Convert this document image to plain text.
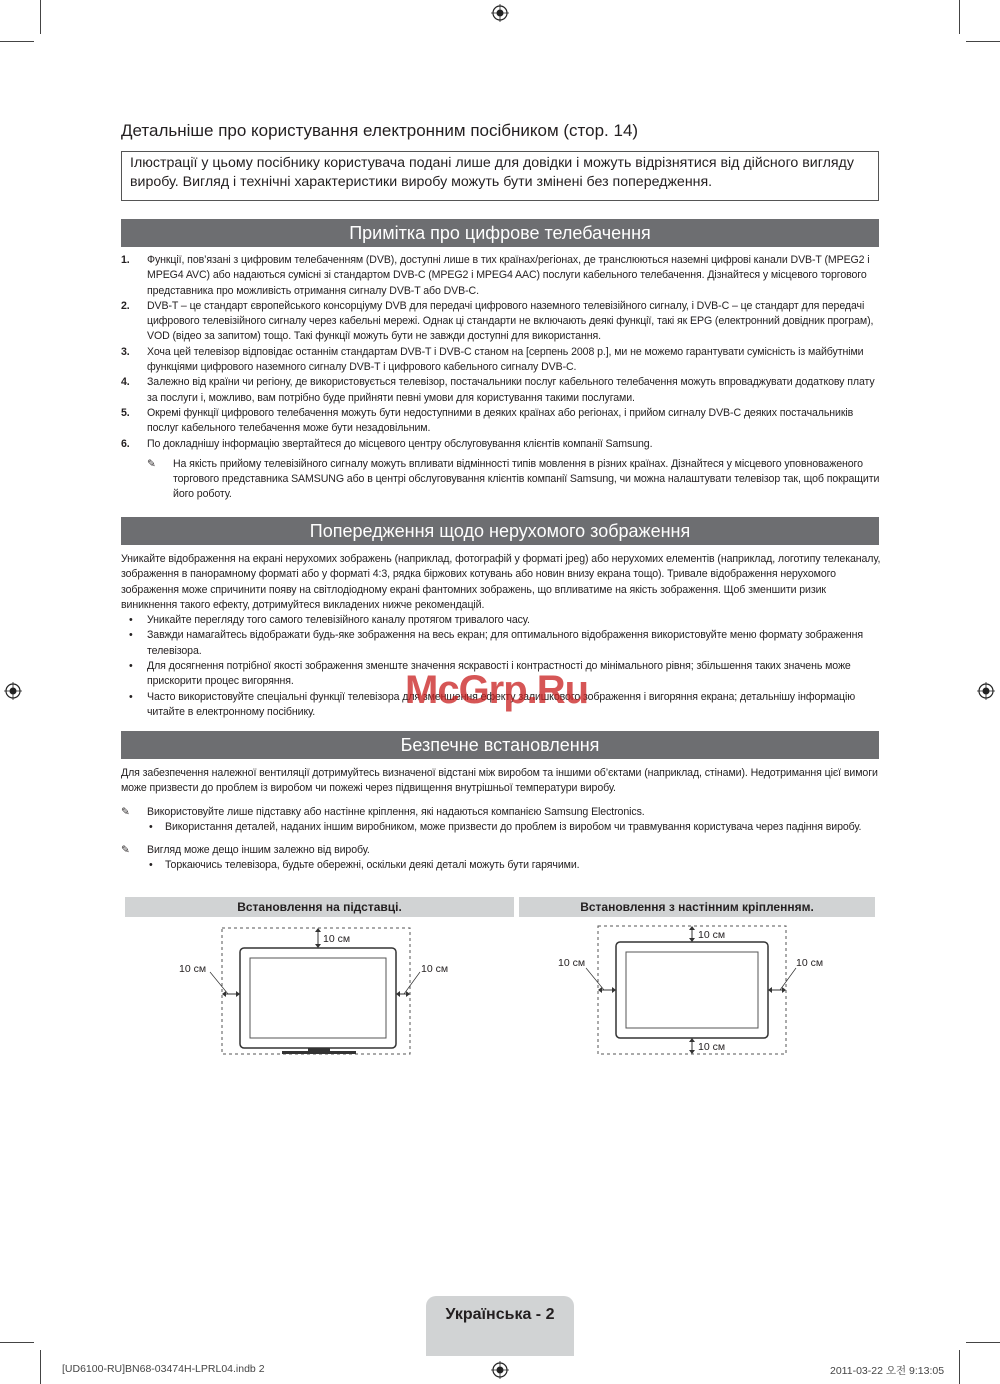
Детальніше про користування електронним посібником (стор. 14)
Ілюстрації у цьому посібнику користувача подані лише для довідки і можуть відрізнятися від дійсного вигляду виробу. Вигляд і технічні характеристики виробу можуть бути змінені без попередження.
Примітка про цифрове телебачення
1. Функції, пов’язані з цифровим телебаченням (DVB), доступні лише в тих країнах/регіонах, де транслюються наземні цифрові канали DVB-T (MPEG2 і MPEG4 AVC) або надаються сумісні зі стандартом DVB-C (MPEG2 і MPEG4 AAC) послуги кабельного телебачення. Дізнайтеся у місцевого торгового представника про можливість отримання сигналу DVB-T або DVB-C.
2. DVB-T – це стандарт європейського консорціуму DVB для передачі цифрового наземного телевізійного сигналу, і DVB-C – це стандарт для передачі цифрового телевізійного сигналу через кабельні мережі. Однак ці стандарти не включають деякі функції, такі як EPG (електронний довідник програм), VOD (відео за запитом) тощо. Такі функції можуть бути не завжди доступні для використання.
3. Хоча цей телевізор відповідає останнім стандартам DVB-T і DVB-C станом на [серпень 2008 р.], ми не можемо гарантувати сумісність із майбутніми функціями цифрового наземного сигналу DVB-T і цифрового кабельного сигналу DVB-C.
4. Залежно від країни чи регіону, де використовується телевізор, постачальники послуг кабельного телебачення можуть впроваджувати додаткову плату за послуги і, можливо, вам потрібно буде прийняти певні умови для користування такими послугами.
5. Окремі функції цифрового телебачення можуть бути недоступними в деяких країнах або регіонах, і прийом сигналу DVB-C деяких постачальників послуг кабельного телебачення може бути незадовільним.
6. По докладнішу інформацію звертайтеся до місцевого центру обслуговування клієнтів компанії Samsung.
✎ На якість прийому телевізійного сигналу можуть впливати відмінності типів мовлення в різних країнах. Дізнайтеся у місцевого уповноваженого торгового представника SAMSUNG або в центрі обслуговування клієнтів компанії Samsung, чи можна налаштувати телевізор так, щоб покращити його роботу.
Попередження щодо нерухомого зображення
Уникайте відображення на екрані нерухомих зображень (наприклад, фотографій у форматі jpeg) або нерухомих елементів (наприклад, логотипу телеканалу, зображення в панорамному форматі або у форматі 4:3, рядка біржових котувань або новин внизу екрана тощо). Тривале відображення нерухомого зображення може спричинити появу на світлодіодному екрані фантомних зображень, що впливатиме на якість зображення. Щоб зменшити ризик виникнення такого ефекту, дотримуйтеся викладених нижче рекомендацій.
• Уникайте перегляду того самого телевізійного каналу протягом тривалого часу.
• Завжди намагайтесь відображати будь-яке зображення на весь екран; для оптимального відображення використовуйте меню формату зображення телевізора.
• Для досягнення потрібної якості зображення зменште значення яскравості і контрастності до мінімального рівня; збільшення таких значень може прискорити процес вигоряння.
• Часто використовуйте спеціальні функції телевізора для зменшення ефекту залишкового зображення і вигоряння екрана; детальнішу інформацію читайте в електронному посібнику.	McGrp.Ru
Безпечне встановлення
Для забезпечення належної вентиляції дотримуйтесь визначеної відстані між виробом та іншими об’єктами (наприклад, стінами). Недотримання цієї вимоги може призвести до проблем із виробом чи пожежі через підвищення внутрішньої температури виробу.
✎ Використовуйте лише підставку або настінне кріплення, які надаються компанією Samsung Electronics.
•	Використання деталей, наданих іншим виробником, може призвести до проблем із виробом чи травмування користувача через падіння виробу.
✎ Вигляд може дещо іншим залежно від виробу.
•	Торкаючись телевізора, будьте обережні, оскільки деякі деталі можуть бути гарячими.
Встановлення на підставці.	Встановлення з настінним кріпленням.
10 см
10 см	10 см
10 см
10 см	10 см
10 см
Українська - 2
[UD6100-RU]BN68-03474H-LPRL04.indb 2	2011-03-22 오전 9:13:05
